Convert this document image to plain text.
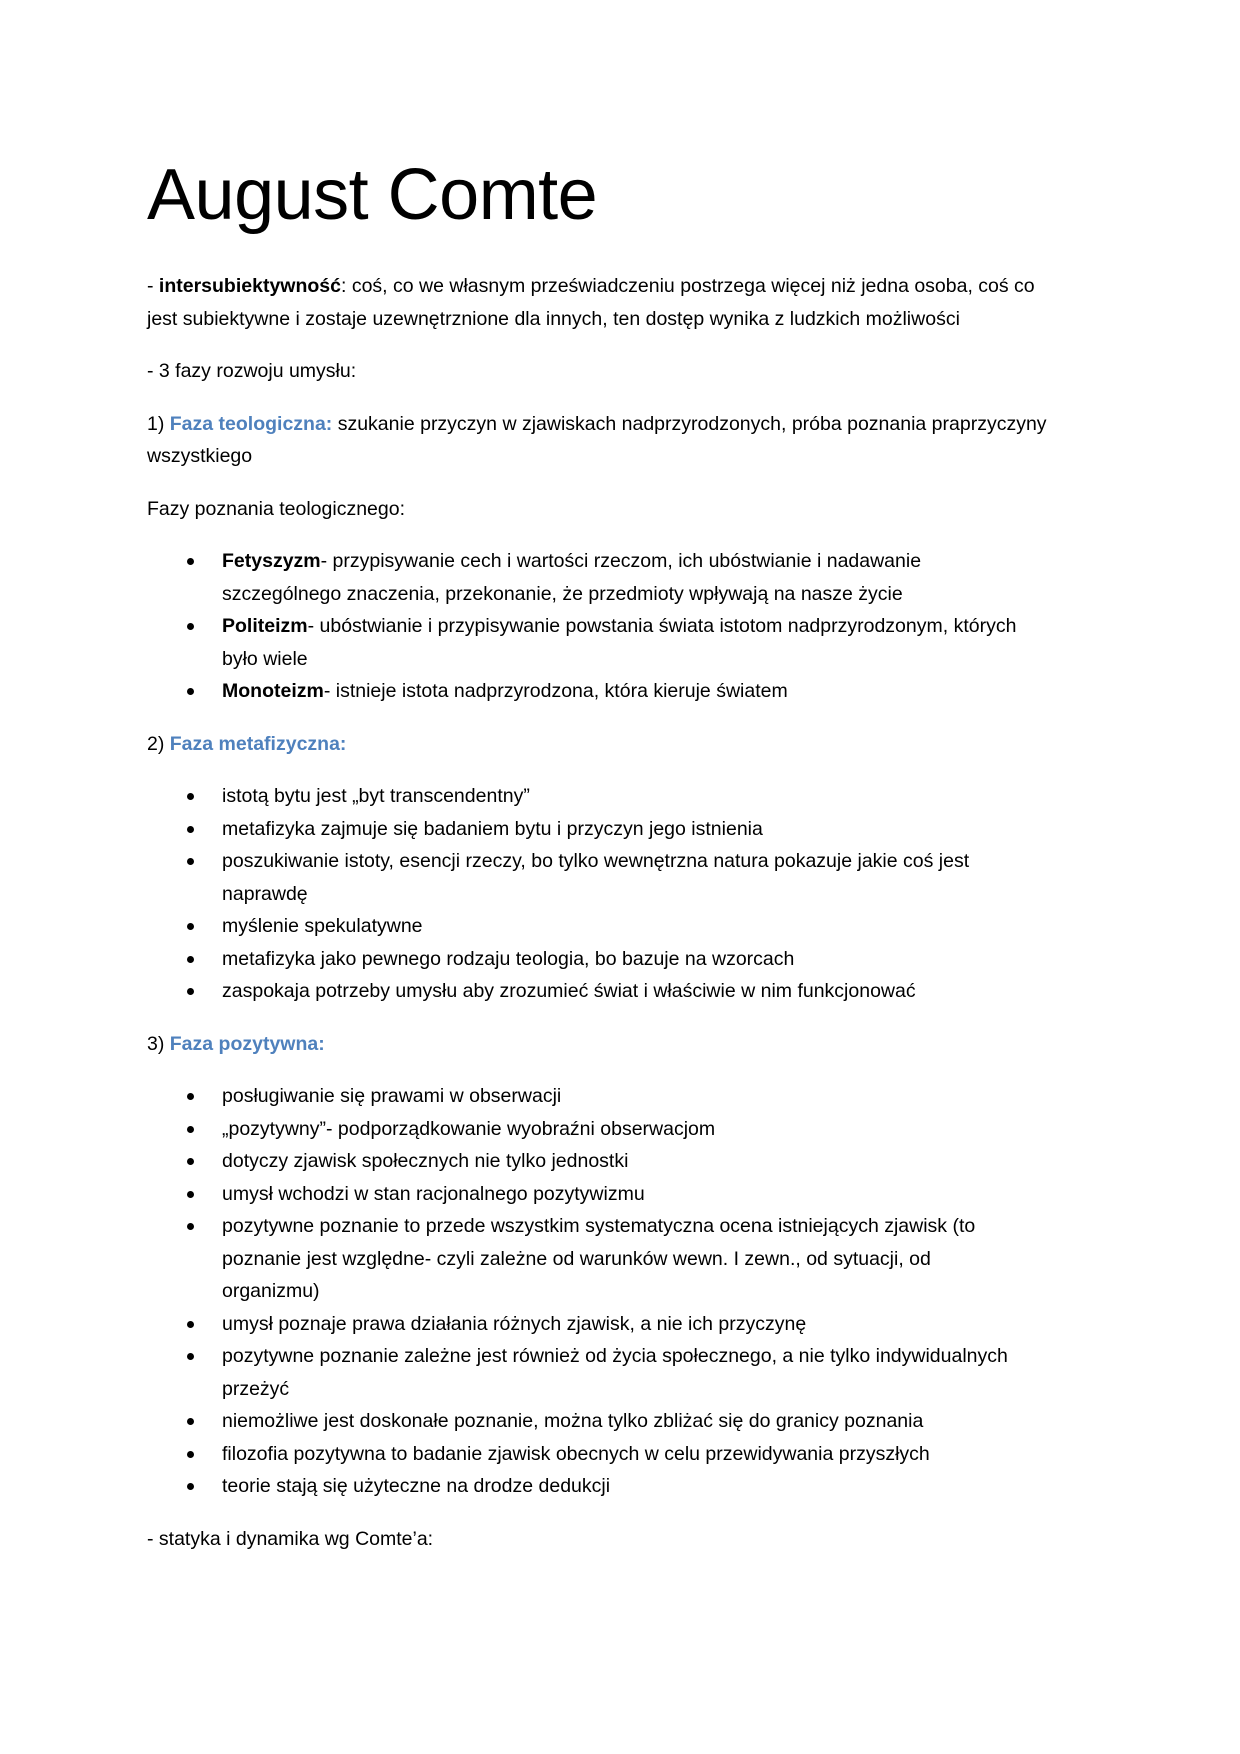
August Comte

- intersubiektywność: coś, co we własnym przeświadczeniu postrzega więcej niż jedna osoba, coś co
jest subiektywne i zostaje uzewnętrznione dla innych, ten dostęp wynika z ludzkich możliwości

- 3 fazy rozwoju umysłu:

1) Faza teologiczna: szukanie przyczyn w zjawiskach nadprzyrodzonych, próba poznania praprzyczyny
wszystkiego

Fazy poznania teologicznego:

Fetyszyzm- przypisywanie cech i wartości rzeczom, ich ubóstwianie i nadawanie
szczególnego znaczenia, przekonanie, że przedmioty wpływają na nasze życie
Politeizm- ubóstwianie i przypisywanie powstania świata istotom nadprzyrodzonym, których
było wiele
Monoteizm- istnieje istota nadprzyrodzona, która kieruje światem

2) Faza metafizyczna:

istotą bytu jest „byt transcendentny”
metafizyka zajmuje się badaniem bytu i przyczyn jego istnienia
poszukiwanie istoty, esencji rzeczy, bo tylko wewnętrzna natura pokazuje jakie coś jest
naprawdę
myślenie spekulatywne
metafizyka jako pewnego rodzaju teologia, bo bazuje na wzorcach
zaspokaja potrzeby umysłu aby zrozumieć świat i właściwie w nim funkcjonować

3) Faza pozytywna:

posługiwanie się prawami w obserwacji
„pozytywny”- podporządkowanie wyobraźni obserwacjom
dotyczy zjawisk społecznych nie tylko jednostki
umysł wchodzi w stan racjonalnego pozytywizmu
pozytywne poznanie to przede wszystkim systematyczna ocena istniejących zjawisk (to
poznanie jest względne- czyli zależne od warunków wewn. I zewn., od sytuacji, od
organizmu)
umysł poznaje prawa działania różnych zjawisk, a nie ich przyczynę
pozytywne poznanie zależne jest również od życia społecznego, a nie tylko indywidualnych
przeżyć
niemożliwe jest doskonałe poznanie, można tylko zbliżać się do granicy poznania
filozofia pozytywna to badanie zjawisk obecnych w celu przewidywania przyszłych
teorie stają się użyteczne na drodze dedukcji

- statyka i dynamika wg Comte’a:
